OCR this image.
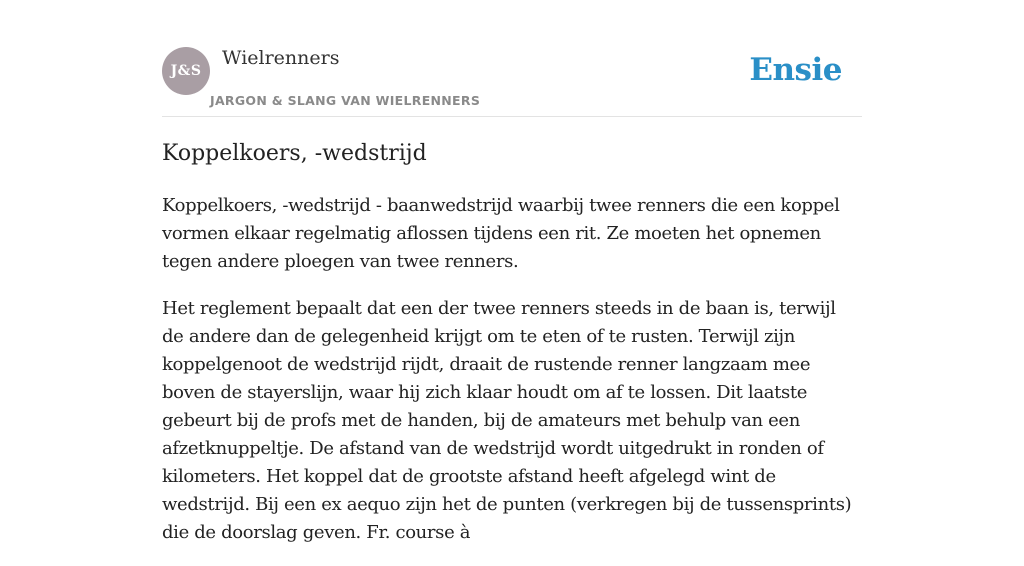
J&S
Wielrenners
JARGON & SLANG VAN WIELRENNERS
Ensie
Koppelkoers, -wedstrijd

Koppelkoers, -wedstrijd - baanwedstrijd waarbij twee renners die een koppel vormen elkaar regelmatig aflossen tijdens een rit. Ze moeten het opnemen tegen andere ploegen van twee renners.

Het reglement bepaalt dat een der twee renners steeds in de baan is, terwijl de andere dan de gelegenheid krijgt om te eten of te rusten. Terwijl zijn koppelgenoot de wedstrijd rijdt, draait de rustende renner langzaam mee boven de stayerslijn, waar hij zich klaar houdt om af te lossen. Dit laatste gebeurt bij de profs met de handen, bij de amateurs met behulp van een afzetknuppeltje. De afstand van de wedstrijd wordt uitgedrukt in ronden of kilometers. Het koppel dat de grootste afstand heeft afgelegd wint de wedstrijd. Bij een ex aequo zijn het de punten (verkregen bij de tussensprints) die de doorslag geven. Fr. course à
